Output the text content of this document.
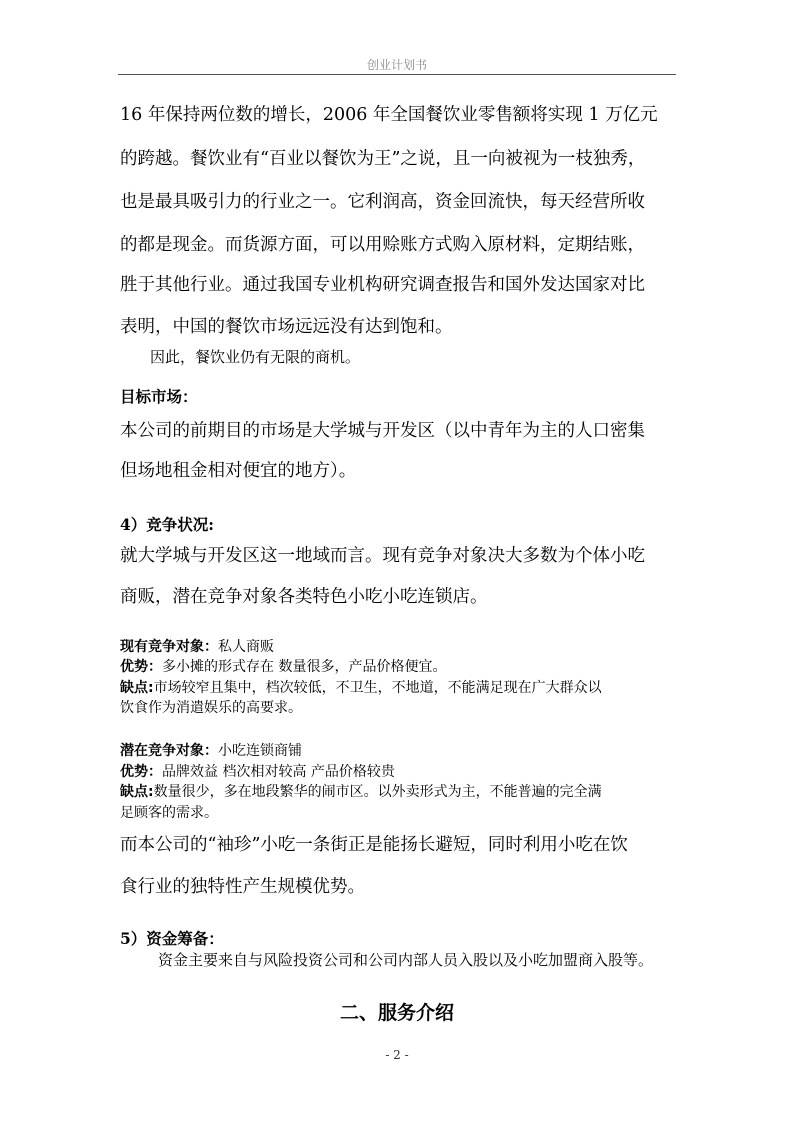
创业计划书
16 年保持两位数的增长，2006 年全国餐饮业零售额将实现 1 万亿元
的跨越。餐饮业有“百业以餐饮为王”之说，且一向被视为一枝独秀，
也是最具吸引力的行业之一。它利润高，资金回流快，每天经营所收
的都是现金。而货源方面，可以用赊账方式购入原材料，定期结账，
胜于其他行业。通过我国专业机构研究调查报告和国外发达国家对比
表明，中国的餐饮市场远远没有达到饱和。
因此，餐饮业仍有无限的商机。
目标市场：
本公司的前期目的市场是大学城与开发区（以中青年为主的人口密集
但场地租金相对便宜的地方）。
4）竞争状况:
就大学城与开发区这一地域而言。现有竞争对象决大多数为个体小吃
商贩，潜在竞争对象各类特色小吃小吃连锁店。
现有竞争对象：私人商贩
优势：多小摊的形式存在 数量很多，产品价格便宜。
缺点:市场较窄且集中，档次较低，不卫生，不地道，不能满足现在广大群众以
饮食作为消遣娱乐的高要求。
潜在竞争对象：小吃连锁商铺
优势：品牌效益 档次相对较高 产品价格较贵
缺点:数量很少，多在地段繁华的闹市区。以外卖形式为主，不能普遍的完全满
足顾客的需求。
而本公司的“袖珍”小吃一条街正是能扬长避短，同时利用小吃在饮
食行业的独特性产生规模优势。
5）资金筹备：
资金主要来自与风险投资公司和公司内部人员入股以及小吃加盟商入股等。
二、服务介绍
- 2 -
